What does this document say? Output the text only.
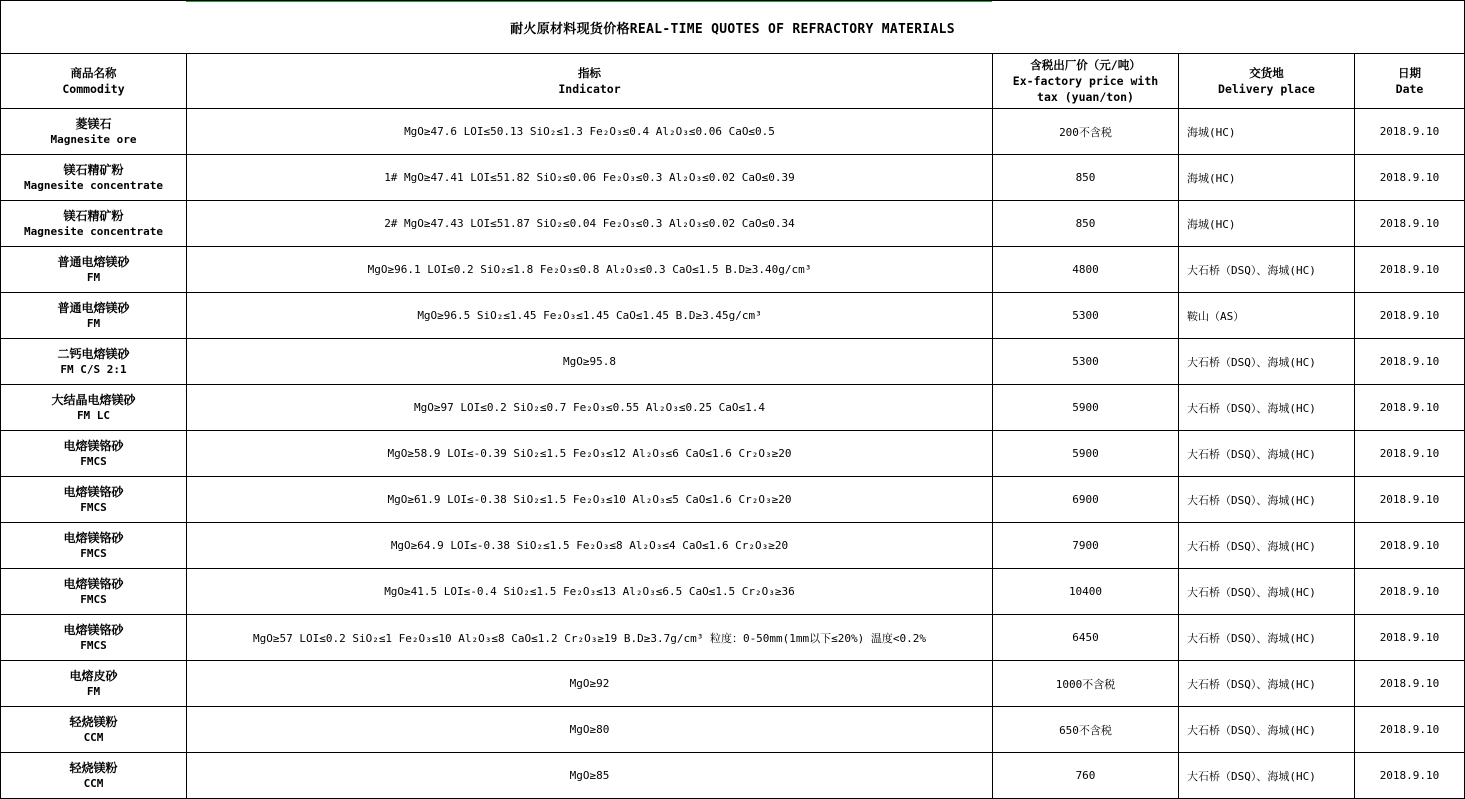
耐火原材料现货价格REAL-TIME QUOTES OF REFRACTORY MATERIALS				

商品名称
Commodity	指标
Indicator	含税出厂价（元/吨）
Ex-factory price with
tax (yuan/ton)	交货地
Delivery place	日期
Date

菱镁石
Magnesite ore	MgO≥47.6 LOI≤50.13 SiO₂≤1.3 Fe₂O₃≤0.4 Al₂O₃≤0.06 CaO≤0.5	200不含税	海城(HC)	2018.9.10

镁石精矿粉
Magnesite concentrate	1# MgO≥47.41 LOI≤51.82 SiO₂≤0.06 Fe₂O₃≤0.3 Al₂O₃≤0.02 CaO≤0.39	850	海城(HC)	2018.9.10

镁石精矿粉
Magnesite concentrate	2# MgO≥47.43 LOI≤51.87 SiO₂≤0.04 Fe₂O₃≤0.3 Al₂O₃≤0.02 CaO≤0.34	850	海城(HC)	2018.9.10

普通电熔镁砂
FM	MgO≥96.1 LOI≤0.2 SiO₂≤1.8 Fe₂O₃≤0.8 Al₂O₃≤0.3 CaO≤1.5 B.D≥3.40g/cm³	4800	大石桥（DSQ）、海城(HC)	2018.9.10

普通电熔镁砂
FM	MgO≥96.5 SiO₂≤1.45 Fe₂O₃≤1.45 CaO≤1.45 B.D≥3.45g/cm³	5300	鞍山（AS）	2018.9.10

二钙电熔镁砂
FM C/S 2:1	MgO≥95.8	5300	大石桥（DSQ）、海城(HC)	2018.9.10

大结晶电熔镁砂
FM LC	MgO≥97 LOI≤0.2 SiO₂≤0.7 Fe₂O₃≤0.55 Al₂O₃≤0.25 CaO≤1.4	5900	大石桥（DSQ）、海城(HC)	2018.9.10

电熔镁铬砂
FMCS	MgO≥58.9 LOI≤-0.39 SiO₂≤1.5 Fe₂O₃≤12 Al₂O₃≤6 CaO≤1.6 Cr₂O₃≥20	5900	大石桥（DSQ）、海城(HC)	2018.9.10

电熔镁铬砂
FMCS	MgO≥61.9 LOI≤-0.38 SiO₂≤1.5 Fe₂O₃≤10 Al₂O₃≤5 CaO≤1.6 Cr₂O₃≥20	6900	大石桥（DSQ）、海城(HC)	2018.9.10

电熔镁铬砂
FMCS	MgO≥64.9 LOI≤-0.38 SiO₂≤1.5 Fe₂O₃≤8 Al₂O₃≤4 CaO≤1.6 Cr₂O₃≥20	7900	大石桥（DSQ）、海城(HC)	2018.9.10

电熔镁铬砂
FMCS	MgO≥41.5 LOI≤-0.4 SiO₂≤1.5 Fe₂O₃≤13 Al₂O₃≤6.5 CaO≤1.5 Cr₂O₃≥36	10400	大石桥（DSQ）、海城(HC)	2018.9.10

电熔镁铬砂
FMCS	MgO≥57 LOI≤0.2 SiO₂≤1 Fe₂O₃≤10 Al₂O₃≤8 CaO≤1.2 Cr₂O₃≥19 B.D≥3.7g/cm³ 粒度：0-50mm(1mm以下≤20%) 温度<0.2%	6450	大石桥（DSQ）、海城(HC)	2018.9.10

电熔皮砂
FM	MgO≥92	1000不含税	大石桥（DSQ）、海城(HC)	2018.9.10

轻烧镁粉
CCM	MgO≥80	650不含税	大石桥（DSQ）、海城(HC)	2018.9.10

轻烧镁粉
CCM	MgO≥85	760	大石桥（DSQ）、海城(HC)	2018.9.10
